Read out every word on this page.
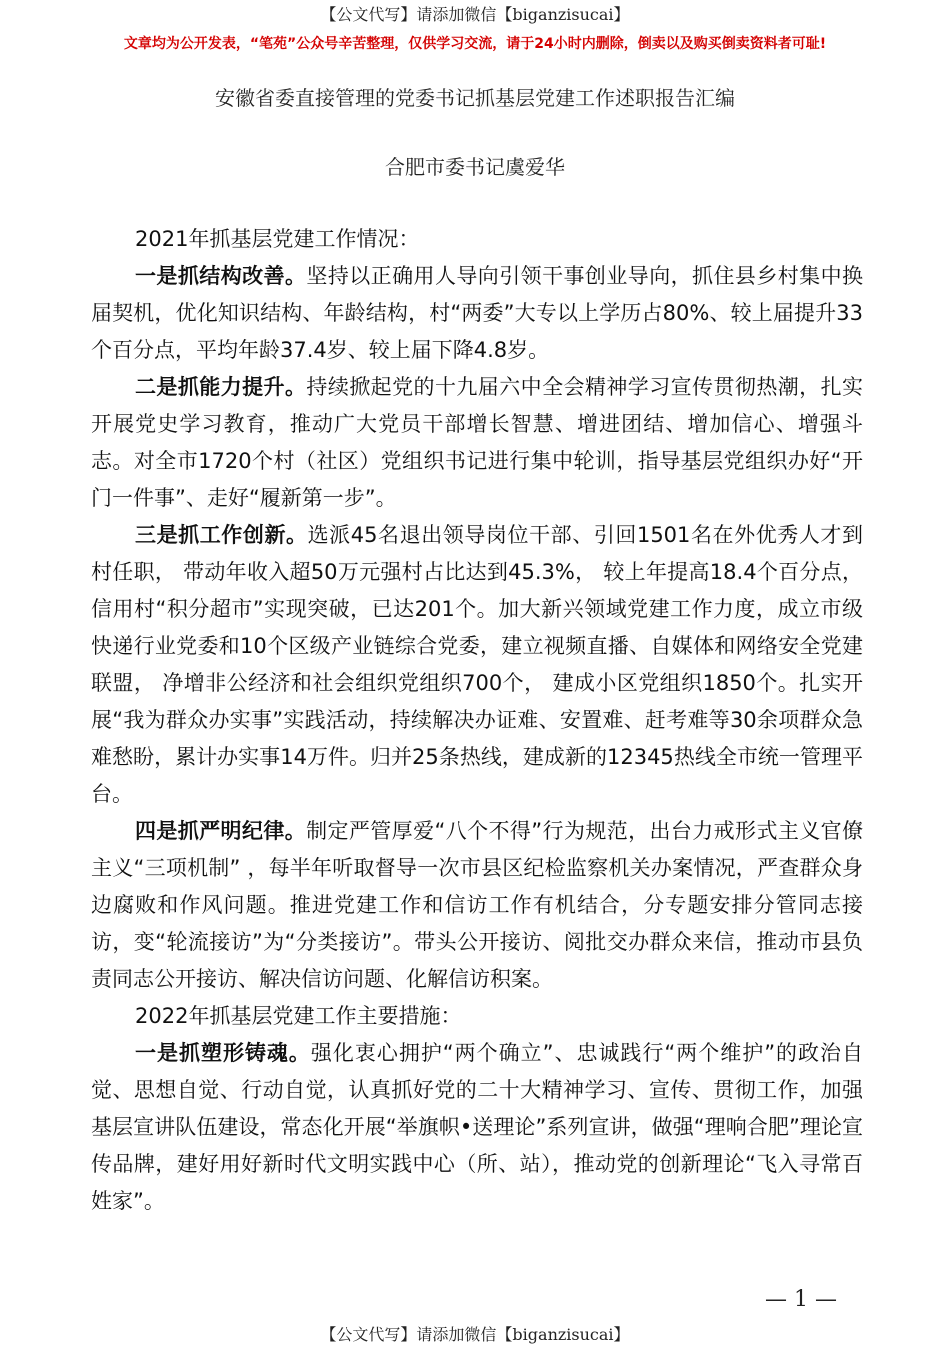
【公文代写】请添加微信【biganzisucai】
文章均为公开发表，“笔苑”公众号辛苦整理，仅供学习交流，请于24小时内删除，倒卖以及购买倒卖资料者可耻!
安徽省委直接管理的党委书记抓基层党建工作述职报告汇编
合肥市委书记虞爱华

2021年抓基层党建工作情况：

一是抓结构改善。坚持以正确用人导向引领干事创业导向，抓住县乡村集中换届契机，优化知识结构、年龄结构，村“两委”大专以上学历占80%、较上届提升33个百分点，平均年龄37.4岁、较上届下降4.8岁。

二是抓能力提升。持续掀起党的十九届六中全会精神学习宣传贯彻热潮，扎实开展党史学习教育，推动广大党员干部增长智慧、增进团结、增加信心、增强斗志。对全市1720个村（社区）党组织书记进行集中轮训，指导基层党组织办好“开门一件事”、走好“履新第一步”。

三是抓工作创新。选派45名退出领导岗位干部、引回1501名在外优秀人才到村任职， 带动年收入超50万元强村占比达到45.3%， 较上年提高18.4个百分点，信用村“积分超市”实现突破，已达201个。加大新兴领域党建工作力度，成立市级快递行业党委和10个区级产业链综合党委，建立视频直播、自媒体和网络安全党建联盟， 净增非公经济和社会组织党组织700个， 建成小区党组织1850个。扎实开展“我为群众办实事”实践活动，持续解决办证难、安置难、赶考难等30余项群众急难愁盼，累计办实事14万件。归并25条热线，建成新的12345热线全市统一管理平台。

四是抓严明纪律。制定严管厚爱“八个不得”行为规范，出台力戒形式主义官僚主义“三项机制” ，每半年听取督导一次市县区纪检监察机关办案情况，严查群众身边腐败和作风问题。推进党建工作和信访工作有机结合，分专题安排分管同志接访，变“轮流接访”为“分类接访”。带头公开接访、阅批交办群众来信，推动市县负责同志公开接访、解决信访问题、化解信访积案。

2022年抓基层党建工作主要措施：

一是抓塑形铸魂。强化衷心拥护“两个确立”、忠诚践行“两个维护”的政治自觉、思想自觉、行动自觉，认真抓好党的二十大精神学习、宣传、贯彻工作，加强基层宣讲队伍建设，常态化开展“举旗帜•送理论”系列宣讲，做强“理响合肥”理论宣传品牌，建好用好新时代文明实践中心（所、站），推动党的创新理论“飞入寻常百姓家”。

— 1 —
【公文代写】请添加微信【biganzisucai】
